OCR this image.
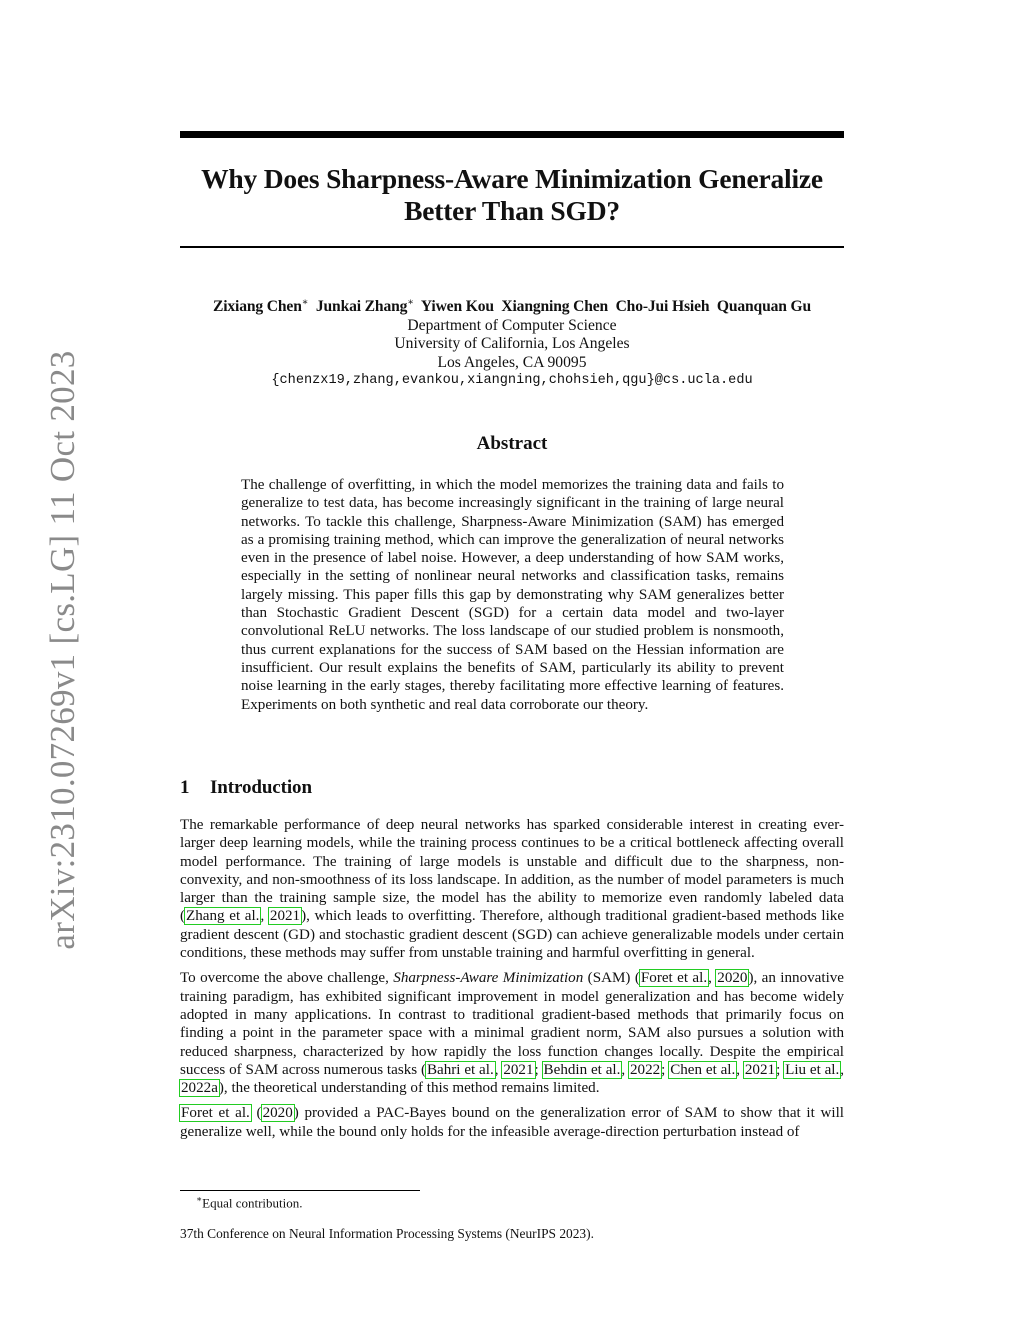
arXiv:2310.07269v1 [cs.LG] 11 Oct 2023
Why Does Sharpness-Aware Minimization Generalize
Better Than SGD?
Zixiang Chen∗ Junkai Zhang∗ Yiwen Kou Xiangning Chen Cho-Jui Hsieh Quanquan Gu
Department of Computer Science
University of California, Los Angeles
Los Angeles, CA 90095
{chenzx19,zhang,evankou,xiangning,chohsieh,qgu}@cs.ucla.edu
Abstract

The challenge of overfitting, in which the model memorizes the training data and fails to generalize to test data, has become increasingly significant in the training of large neural networks. To tackle this challenge, Sharpness-Aware Minimization (SAM) has emerged as a promising training method, which can improve the generalization of neural networks even in the presence of label noise. However, a deep understanding of how SAM works, especially in the setting of nonlinear neural networks and classification tasks, remains largely missing. This paper fills this gap by demonstrating why SAM generalizes better than Stochastic Gradient Descent (SGD) for a certain data model and two-layer convolutional ReLU networks. The loss landscape of our studied problem is nonsmooth, thus current explanations for the success of SAM based on the Hessian information are insufficient. Our result explains the benefits of SAM, particularly its ability to prevent noise learning in the early stages, thereby facilitating more effective learning of features. Experiments on both synthetic and real data corroborate our theory.

1 Introduction

The remarkable performance of deep neural networks has sparked considerable interest in creating ever-larger deep learning models, while the training process continues to be a critical bottleneck affecting overall model performance. The training of large models is unstable and difficult due to the sharpness, non-convexity, and non-smoothness of its loss landscape. In addition, as the number of model parameters is much larger than the training sample size, the model has the ability to memorize even randomly labeled data (Zhang et al., 2021), which leads to overfitting. Therefore, although traditional gradient-based methods like gradient descent (GD) and stochastic gradient descent (SGD) can achieve generalizable models under certain conditions, these methods may suffer from unstable training and harmful overfitting in general.

To overcome the above challenge, Sharpness-Aware Minimization (SAM) (Foret et al., 2020), an innovative training paradigm, has exhibited significant improvement in model generalization and has become widely adopted in many applications. In contrast to traditional gradient-based methods that primarily focus on finding a point in the parameter space with a minimal gradient norm, SAM also pursues a solution with reduced sharpness, characterized by how rapidly the loss function changes locally. Despite the empirical success of SAM across numerous tasks (Bahri et al., 2021; Behdin et al., 2022; Chen et al., 2021; Liu et al., 2022a), the theoretical understanding of this method remains limited.

Foret et al. (2020) provided a PAC-Bayes bound on the generalization error of SAM to show that it will generalize well, while the bound only holds for the infeasible average-direction perturbation instead of

∗Equal contribution.
37th Conference on Neural Information Processing Systems (NeurIPS 2023).
